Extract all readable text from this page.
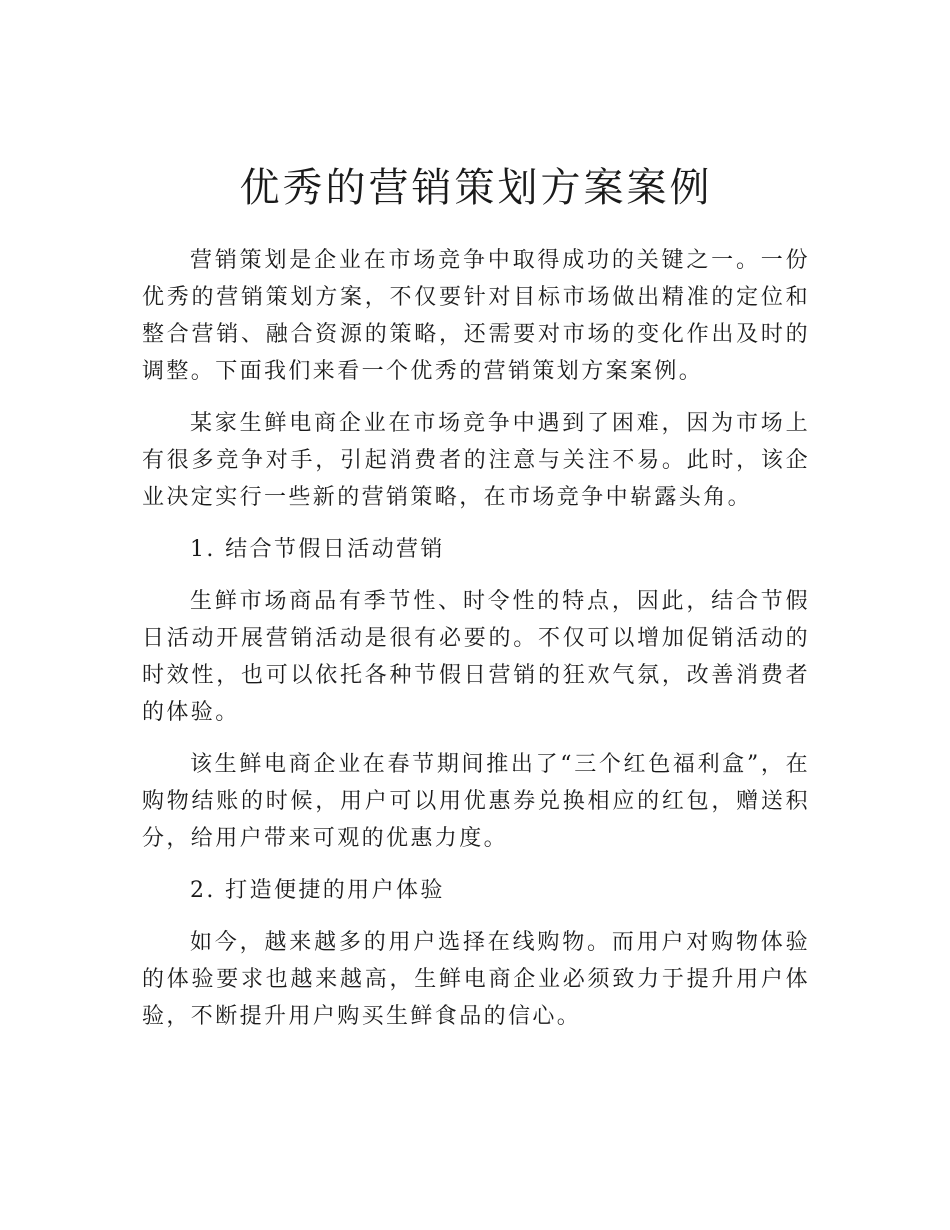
优秀的营销策划方案案例

营销策划是企业在市场竞争中取得成功的关键之一。一份优秀的营销策划方案，不仅要针对目标市场做出精准的定位和整合营销、融合资源的策略，还需要对市场的变化作出及时的调整。下面我们来看一个优秀的营销策划方案案例。

某家生鲜电商企业在市场竞争中遇到了困难，因为市场上有很多竞争对手，引起消费者的注意与关注不易。此时，该企业决定实行一些新的营销策略，在市场竞争中崭露头角。

1. 结合节假日活动营销

生鲜市场商品有季节性、时令性的特点，因此，结合节假日活动开展营销活动是很有必要的。不仅可以增加促销活动的时效性，也可以依托各种节假日营销的狂欢气氛，改善消费者的体验。

该生鲜电商企业在春节期间推出了“三个红色福利盒”，在购物结账的时候，用户可以用优惠券兑换相应的红包，赠送积分，给用户带来可观的优惠力度。

2. 打造便捷的用户体验

如今，越来越多的用户选择在线购物。而用户对购物体验的体验要求也越来越高，生鲜电商企业必须致力于提升用户体验，不断提升用户购买生鲜食品的信心。
